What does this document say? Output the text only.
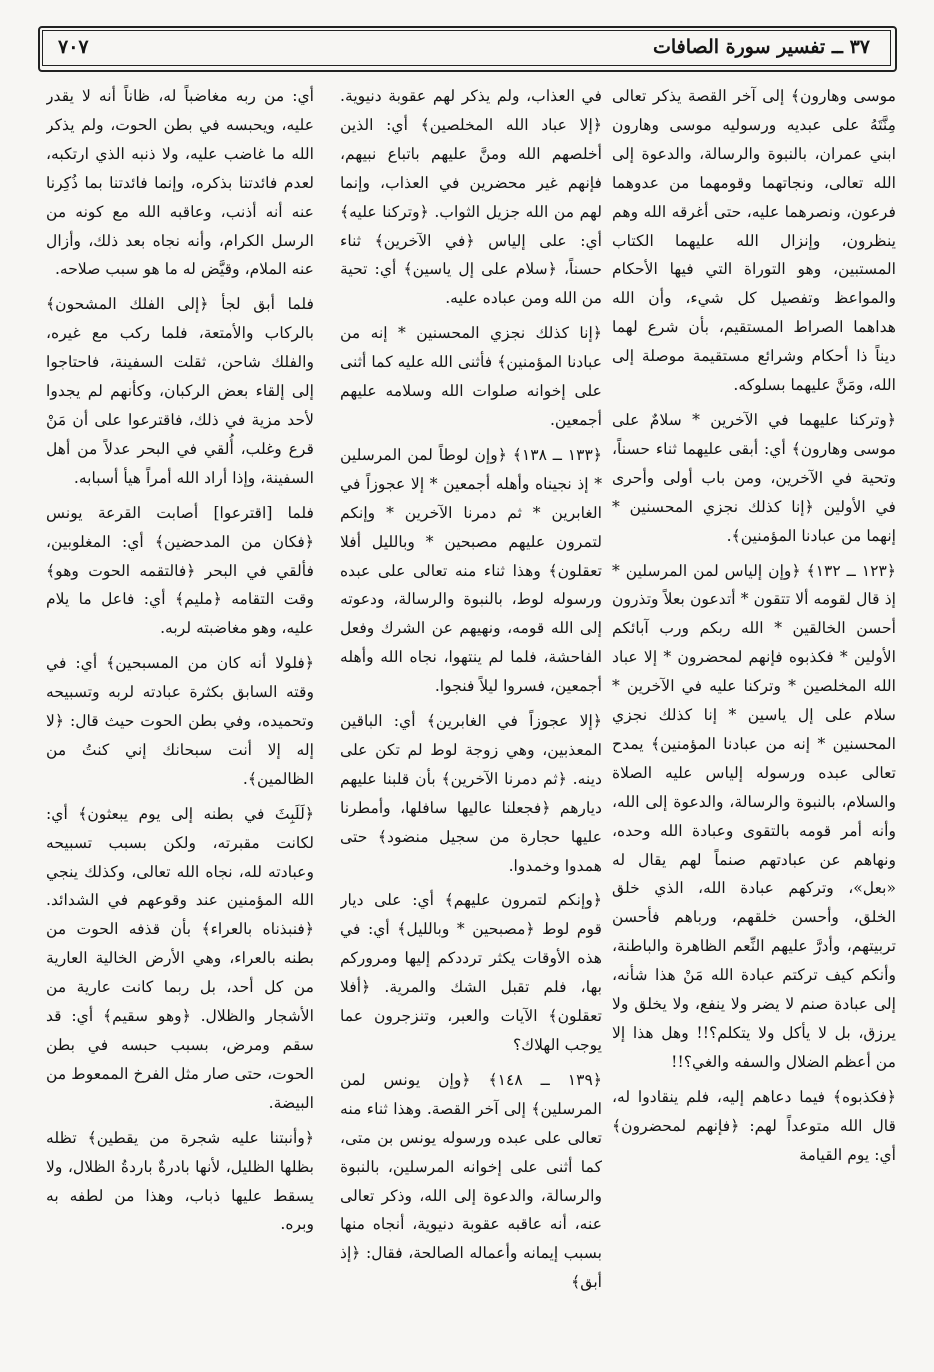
٣٧ ــ تفسير سورة الصافات
٧٠٧

موسى وهارون﴾ إلى آخر القصة يذكر تعالى مِنَّتَهُ على عبديه ورسوليه موسى وهارون ابني عمران، بالنبوة والرسالة، والدعوة إلى الله تعالى، ونجاتهما وقومهما من عدوهما فرعون، ونصرهما عليه، حتى أغرقه الله وهم ينظرون، وإنزال الله عليهما الكتاب المستبين، وهو التوراة التي فيها الأحكام والمواعظ وتفصيل كل شيء، وأن الله هداهما الصراط المستقيم، بأن شرع لهما ديناً ذا أحكام وشرائع مستقيمة موصلة إلى الله، ومَنَّ عليهما بسلوكه.

﴿وتركنا عليهما في الآخرين * سلامٌ على موسى وهارون﴾ أي: أبقى عليهما ثناء حسناً، وتحية في الآخرين، ومن باب أولى وأحرى في الأولين ﴿إنا كذلك نجزي المحسنين * إنهما من عبادنا المؤمنين﴾.

﴿١٢٣ ــ ١٣٢﴾ ﴿وإن إلياس لمن المرسلين * إذ قال لقومه ألا تتقون * أتدعون بعلاً وتذرون أحسن الخالقين * الله ربكم ورب آبائكم الأولين * فكذبوه فإنهم لمحضرون * إلا عباد الله المخلصين * وتركنا عليه في الآخرين * سلام على إل ياسين * إنا كذلك نجزي المحسنين * إنه من عبادنا المؤمنين﴾ يمدح تعالى عبده ورسوله إلياس عليه الصلاة والسلام، بالنبوة والرسالة، والدعوة إلى الله، وأنه أمر قومه بالتقوى وعبادة الله وحده، ونهاهم عن عبادتهم صنماً لهم يقال له «بعل»، وتركهم عبادة الله، الذي خلق الخلق، وأحسن خلقهم، ورباهم فأحسن تربيتهم، وأدرَّ عليهم النِّعم الظاهرة والباطنة، وأنكم كيف تركتم عبادة الله مَنْ هذا شأنه، إلى عبادة صنم لا يضر ولا ينفع، ولا يخلق ولا يرزق، بل لا يأكل ولا يتكلم؟!! وهل هذا إلا من أعظم الضلال والسفه والغي؟!!

﴿فكذبوه﴾ فيما دعاهم إليه، فلم ينقادوا له، قال الله متوعداً لهم: ﴿فإنهم لمحضرون﴾ أي: يوم القيامة

في العذاب، ولم يذكر لهم عقوبة دنيوية. ﴿إلا عباد الله المخلصين﴾ أي: الذين أخلصهم الله ومنَّ عليهم باتباع نبيهم، فإنهم غير محضرين في العذاب، وإنما لهم من الله جزيل الثواب. ﴿وتركنا عليه﴾ أي: على إلياس ﴿في الآخرين﴾ ثناء حسناً، ﴿سلام على إل ياسين﴾ أي: تحية من الله ومن عباده عليه.

﴿إنا كذلك نجزي المحسنين * إنه من عبادنا المؤمنين﴾ فأثنى الله عليه كما أثنى على إخوانه صلوات الله وسلامه عليهم أجمعين.

﴿١٣٣ ــ ١٣٨﴾ ﴿وإن لوطاً لمن المرسلين * إذ نجيناه وأهله أجمعين * إلا عجوزاً في الغابرين * ثم دمرنا الآخرين * وإنكم لتمرون عليهم مصبحين * وبالليل أفلا تعقلون﴾ وهذا ثناء منه تعالى على عبده ورسوله لوط، بالنبوة والرسالة، ودعوته إلى الله قومه، ونهيهم عن الشرك وفعل الفاحشة، فلما لم ينتهوا، نجاه الله وأهله أجمعين، فسروا ليلاً فنجوا.

﴿إلا عجوزاً في الغابرين﴾ أي: الباقين المعذبين، وهي زوجة لوط لم تكن على دينه. ﴿ثم دمرنا الآخرين﴾ بأن قلبنا عليهم ديارهم ﴿فجعلنا عاليها سافلها، وأمطرنا عليها حجارة من سجيل منضود﴾ حتى همدوا وخمدوا.

﴿وإنكم لتمرون عليهم﴾ أي: على ديار قوم لوط ﴿مصبحين * وبالليل﴾ أي: في هذه الأوقات يكثر ترددكم إليها ومروركم بها، فلم تقبل الشك والمرية. ﴿أفلا تعقلون﴾ الآيات والعبر، وتنزجرون عما يوجب الهلاك؟

﴿١٣٩ ــ ١٤٨﴾ ﴿وإن يونس لمن المرسلين﴾ إلى آخر القصة. وهذا ثناء منه تعالى على عبده ورسوله يونس بن متى، كما أثنى على إخوانه المرسلين، بالنبوة والرسالة، والدعوة إلى الله، وذكر تعالى عنه، أنه عاقبه عقوبة دنيوية، أنجاه منها بسبب إيمانه وأعماله الصالحة، فقال: ﴿إذ أبق﴾

أي: من ربه مغاضباً له، ظاناً أنه لا يقدر عليه، ويحبسه في بطن الحوت، ولم يذكر الله ما غاضب عليه، ولا ذنبه الذي ارتكبه، لعدم فائدتنا بذكره، وإنما فائدتنا بما ذُكِرنا عنه أنه أذنب، وعاقبه الله مع كونه من الرسل الكرام، وأنه نجاه بعد ذلك، وأزال عنه الملام، وقيَّض له ما هو سبب صلاحه.

فلما أبق لجأ ﴿إلى الفلك المشحون﴾ بالركاب والأمتعة، فلما ركب مع غيره، والفلك شاحن، ثقلت السفينة، فاحتاجوا إلى إلقاء بعض الركبان، وكأنهم لم يجدوا لأحد مزية في ذلك، فاقترعوا على أن مَنْ قرع وغلب، أُلقي في البحر عدلاً من أهل السفينة، وإذا أراد الله أمراً هيأ أسبابه.

فلما [اقترعوا] أصابت القرعة يونس ﴿فكان من المدحضين﴾ أي: المغلوبين، فألقي في البحر ﴿فالتقمه الحوت وهو﴾ وقت التقامه ﴿مليم﴾ أي: فاعل ما يلام عليه، وهو مغاضبته لربه.

﴿فلولا أنه كان من المسبحين﴾ أي: في وقته السابق بكثرة عبادته لربه وتسبيحه وتحميده، وفي بطن الحوت حيث قال: ﴿لا إله إلا أنت سبحانك إني كنتُ من الظالمين﴾.

﴿لَلَبِثَ في بطنه إلى يوم يبعثون﴾ أي: لكانت مقبرته، ولكن بسبب تسبيحه وعبادته لله، نجاه الله تعالى، وكذلك ينجي الله المؤمنين عند وقوعهم في الشدائد. ﴿فنبذناه بالعراء﴾ بأن قذفه الحوت من بطنه بالعراء، وهي الأرض الخالية العارية من كل أحد، بل ربما كانت عارية من الأشجار والظلال. ﴿وهو سقيم﴾ أي: قد سقم ومرض، بسبب حبسه في بطن الحوت، حتى صار مثل الفرخ الممعوط من البيضة.

﴿وأنبتنا عليه شجرة من يقطين﴾ تظله بظلها الظليل، لأنها بادرةٌ باردةُ الظلال، ولا يسقط عليها ذباب، وهذا من لطفه به وبره.
